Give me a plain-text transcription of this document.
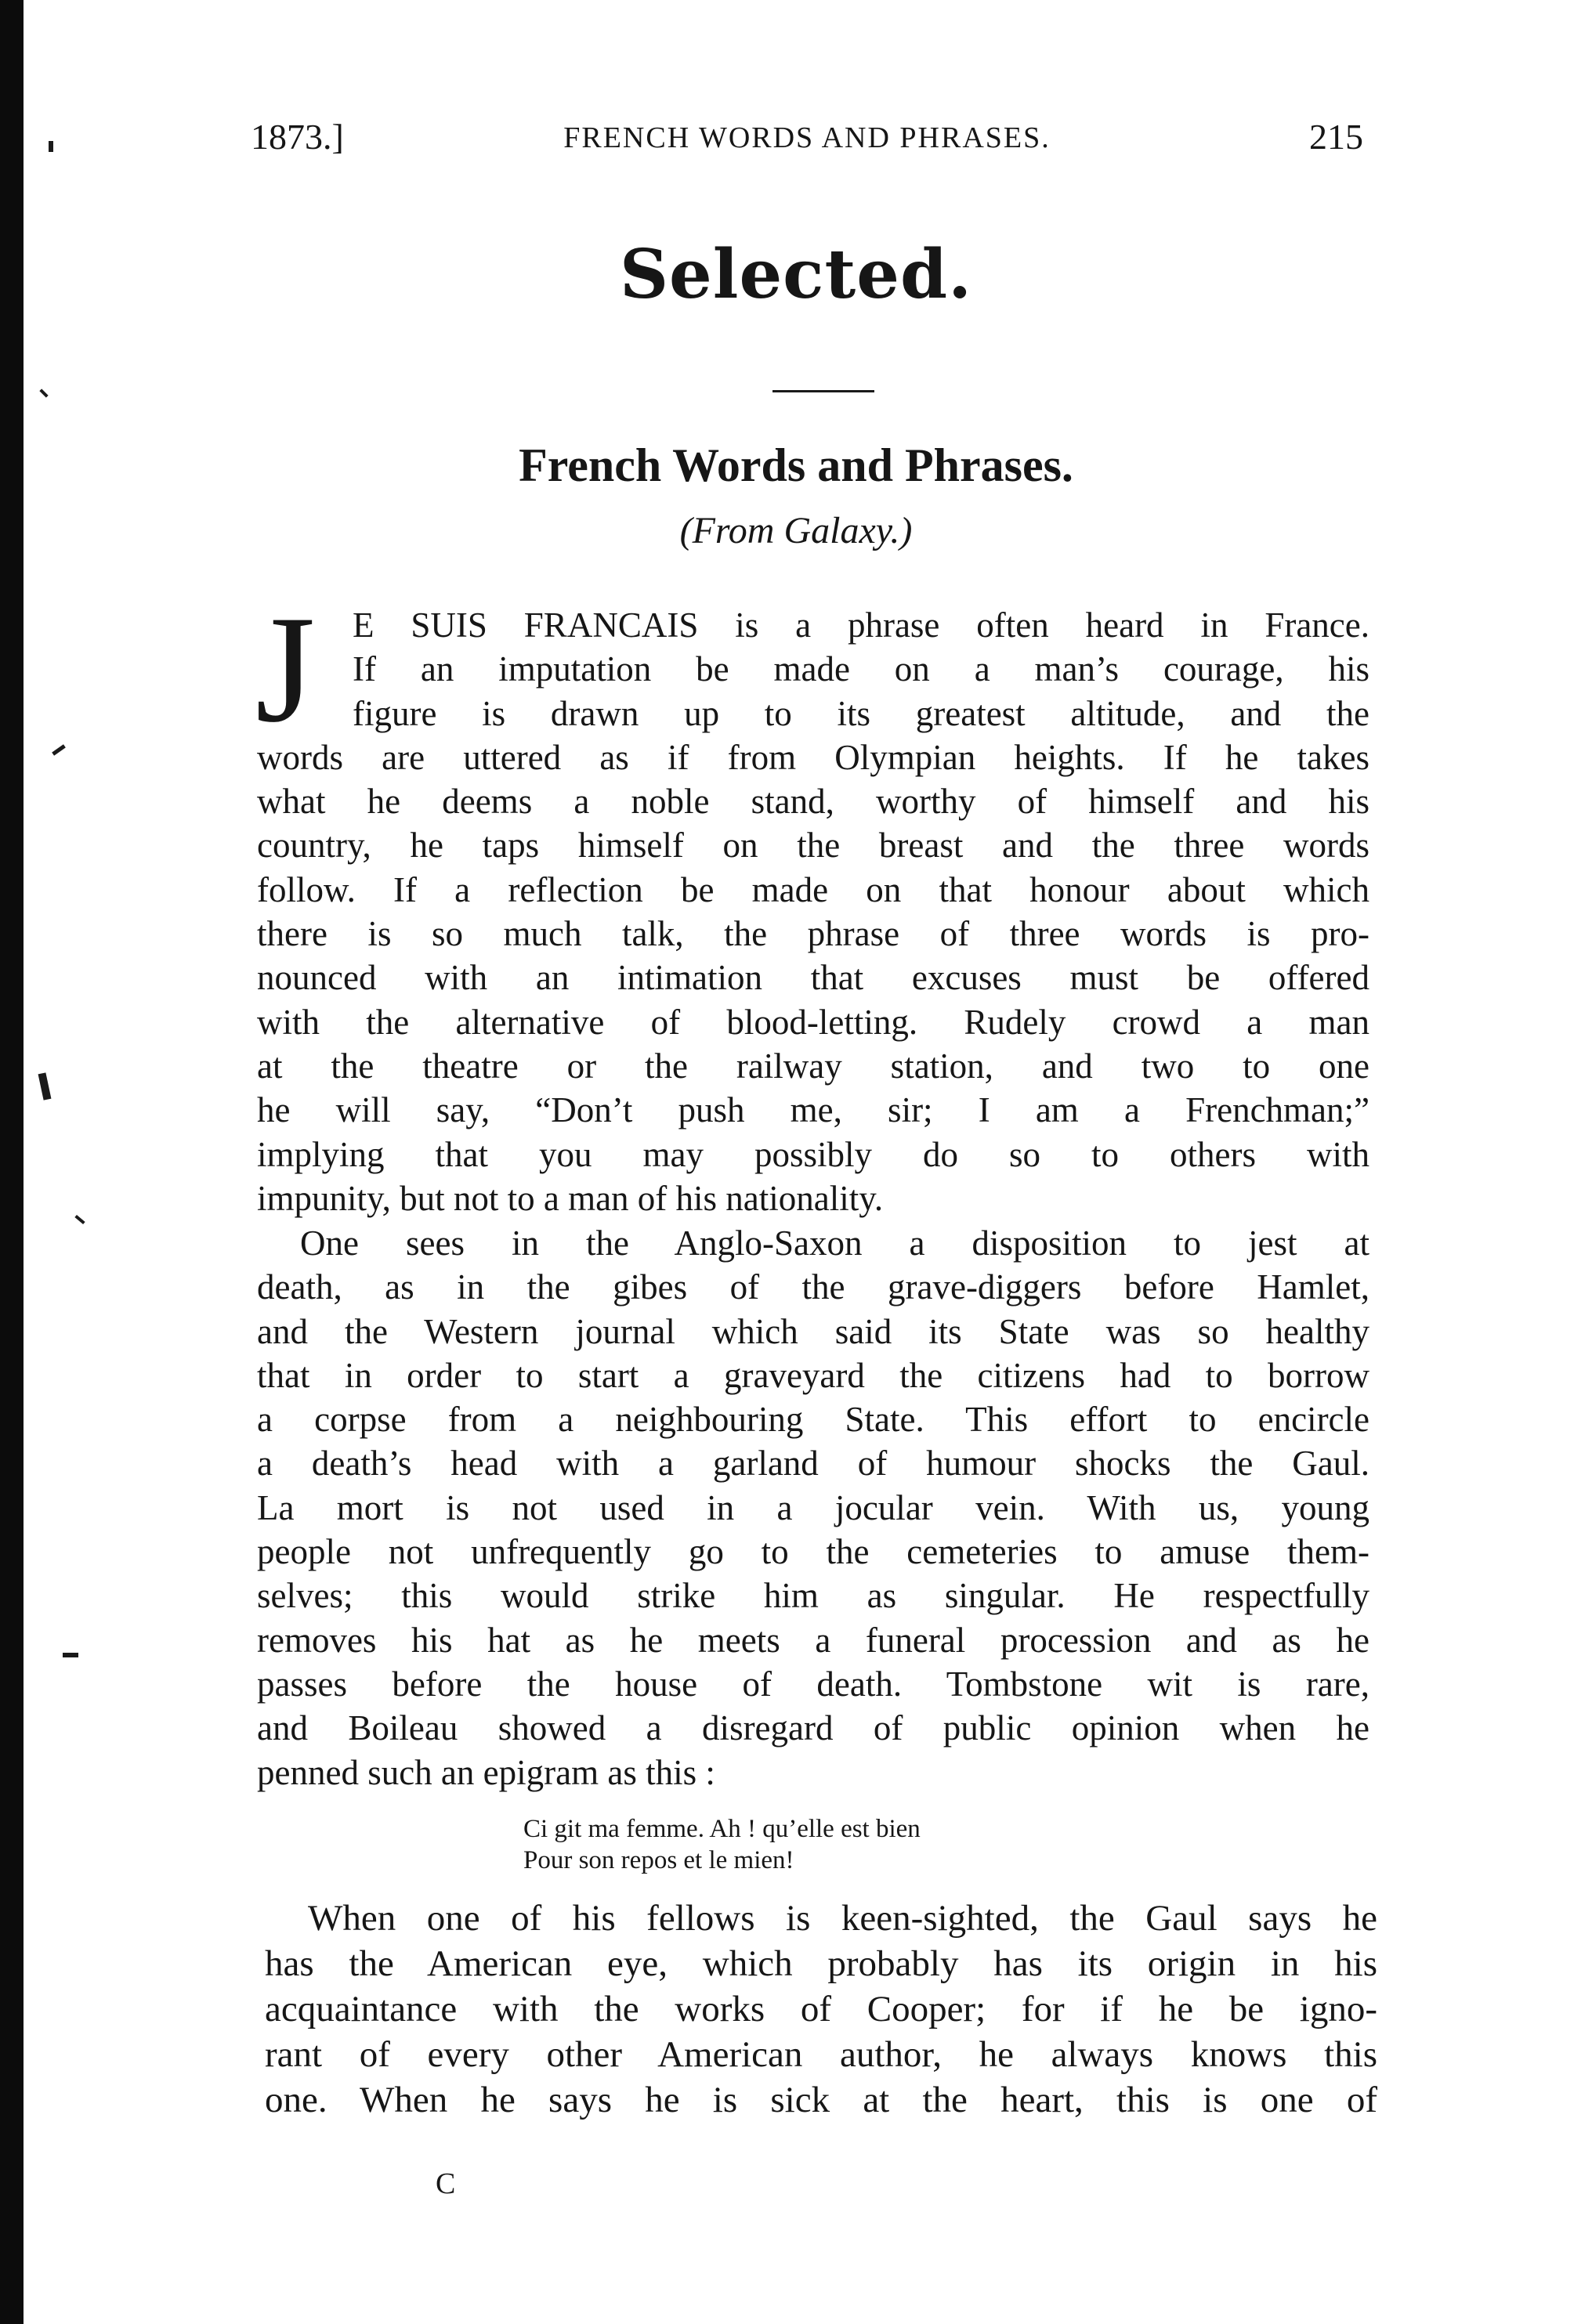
1873.]	FRENCH WORDS AND PHRASES.	215
Selected.
French Words and Phrases.
(From Galaxy.)
J E SUIS FRANCAIS is a phrase often heard in France.
If an imputation be made on a man’s courage, his
figure is drawn up to its greatest altitude, and the
words are uttered as if from Olympian heights. If he takes
what he deems a noble stand, worthy of himself and his
country, he taps himself on the breast and the three words
follow. If a reflection be made on that honour about which
there is so much talk, the phrase of three words is pro-
nounced with an intimation that excuses must be offered
with the alternative of blood-letting. Rudely crowd a man
at the theatre or the railway station, and two to one
he will say, “Don’t push me, sir; I am a Frenchman;”
implying that you may possibly do so to others with
impunity, but not to a man of his nationality.
One sees in the Anglo-Saxon a disposition to jest at
death, as in the gibes of the grave-diggers before Hamlet,
and the Western journal which said its State was so healthy
that in order to start a graveyard the citizens had to borrow
a corpse from a neighbouring State. This effort to encircle
a death’s head with a garland of humour shocks the Gaul.
La mort is not used in a jocular vein. With us, young
people not unfrequently go to the cemeteries to amuse them-
selves; this would strike him as singular. He respectfully
removes his hat as he meets a funeral procession and as he
passes before the house of death. Tombstone wit is rare,
and Boileau showed a disregard of public opinion when he
penned such an epigram as this :
Ci git ma femme. Ah ! qu’elle est bien
Pour son repos et le mien!
When one of his fellows is keen-sighted, the Gaul says he
has the American eye, which probably has its origin in his
acquaintance with the works of Cooper; for if he be igno-
rant of every other American author, he always knows this
one. When he says he is sick at the heart, this is one of
C
